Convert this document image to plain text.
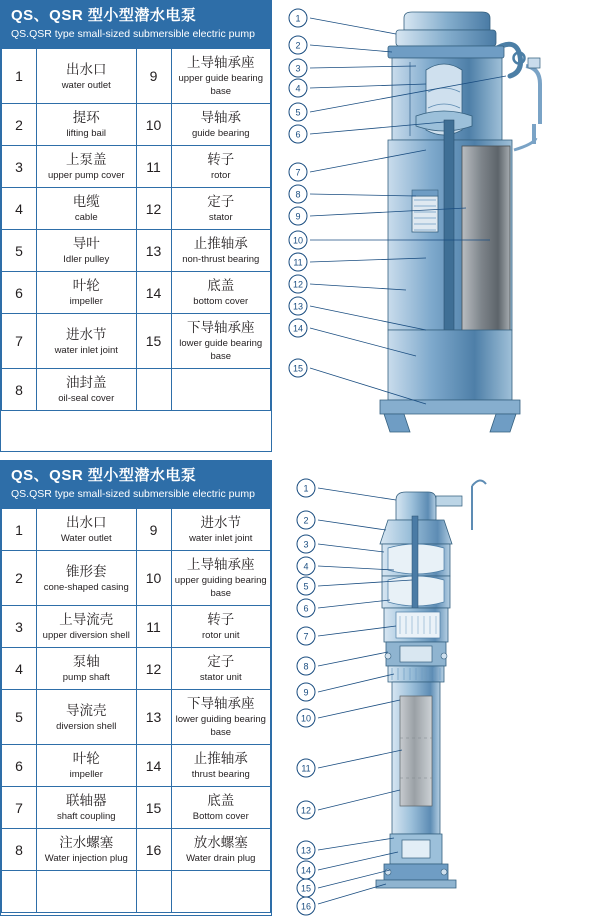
QS、QSR 型小型潜水电泵
QS.QSR type small-sized submersible electric pump
1	出水口
water outlet
	9	
上导轴承座
upper guide bearing base

2	提环
lifting bail
	10	导轴承
guide bearing

3	上泵盖
upper pump cover
	11	转子
rotor

4	电缆
cable
	12	定子
stator

5	导叶
Idler pulley
	13	止推轴承
non-thrust bearing

6	叶轮
impeller
	14	底盖
bottom cover

7	进水节
water inlet joint
	15	
下导轴承座
lower guide bearing base

8	油封盖
oil-seal cover		

1
2
3
4
5
6
7
8
9
10
11
12
13
14
15
QS、QSR 型小型潜水电泵
QS.QSR type small-sized submersible electric pump
1	出水口
Water outlet
	9	进水节
water inlet joint

2	锥形套
cone-shaped casing
	10	
上导轴承座
upper guiding bearing base

3	上导流壳
upper diversion shell
	11	转子
rotor unit

4	泵轴
pump shaft
	12	定子
stator unit

5	导流壳
diversion shell
	13	
下导轴承座
lower guiding bearing base

6	叶轮
impeller
	14	止推轴承
thrust bearing

7	联轴器
shaft coupling
	15	底盖
Bottom cover

8	注水螺塞
Water injection plug
	16	放水螺塞
Water drain plug

1
2
3
4
5
6
7
8
9
10
11
12
13
14
15
16
